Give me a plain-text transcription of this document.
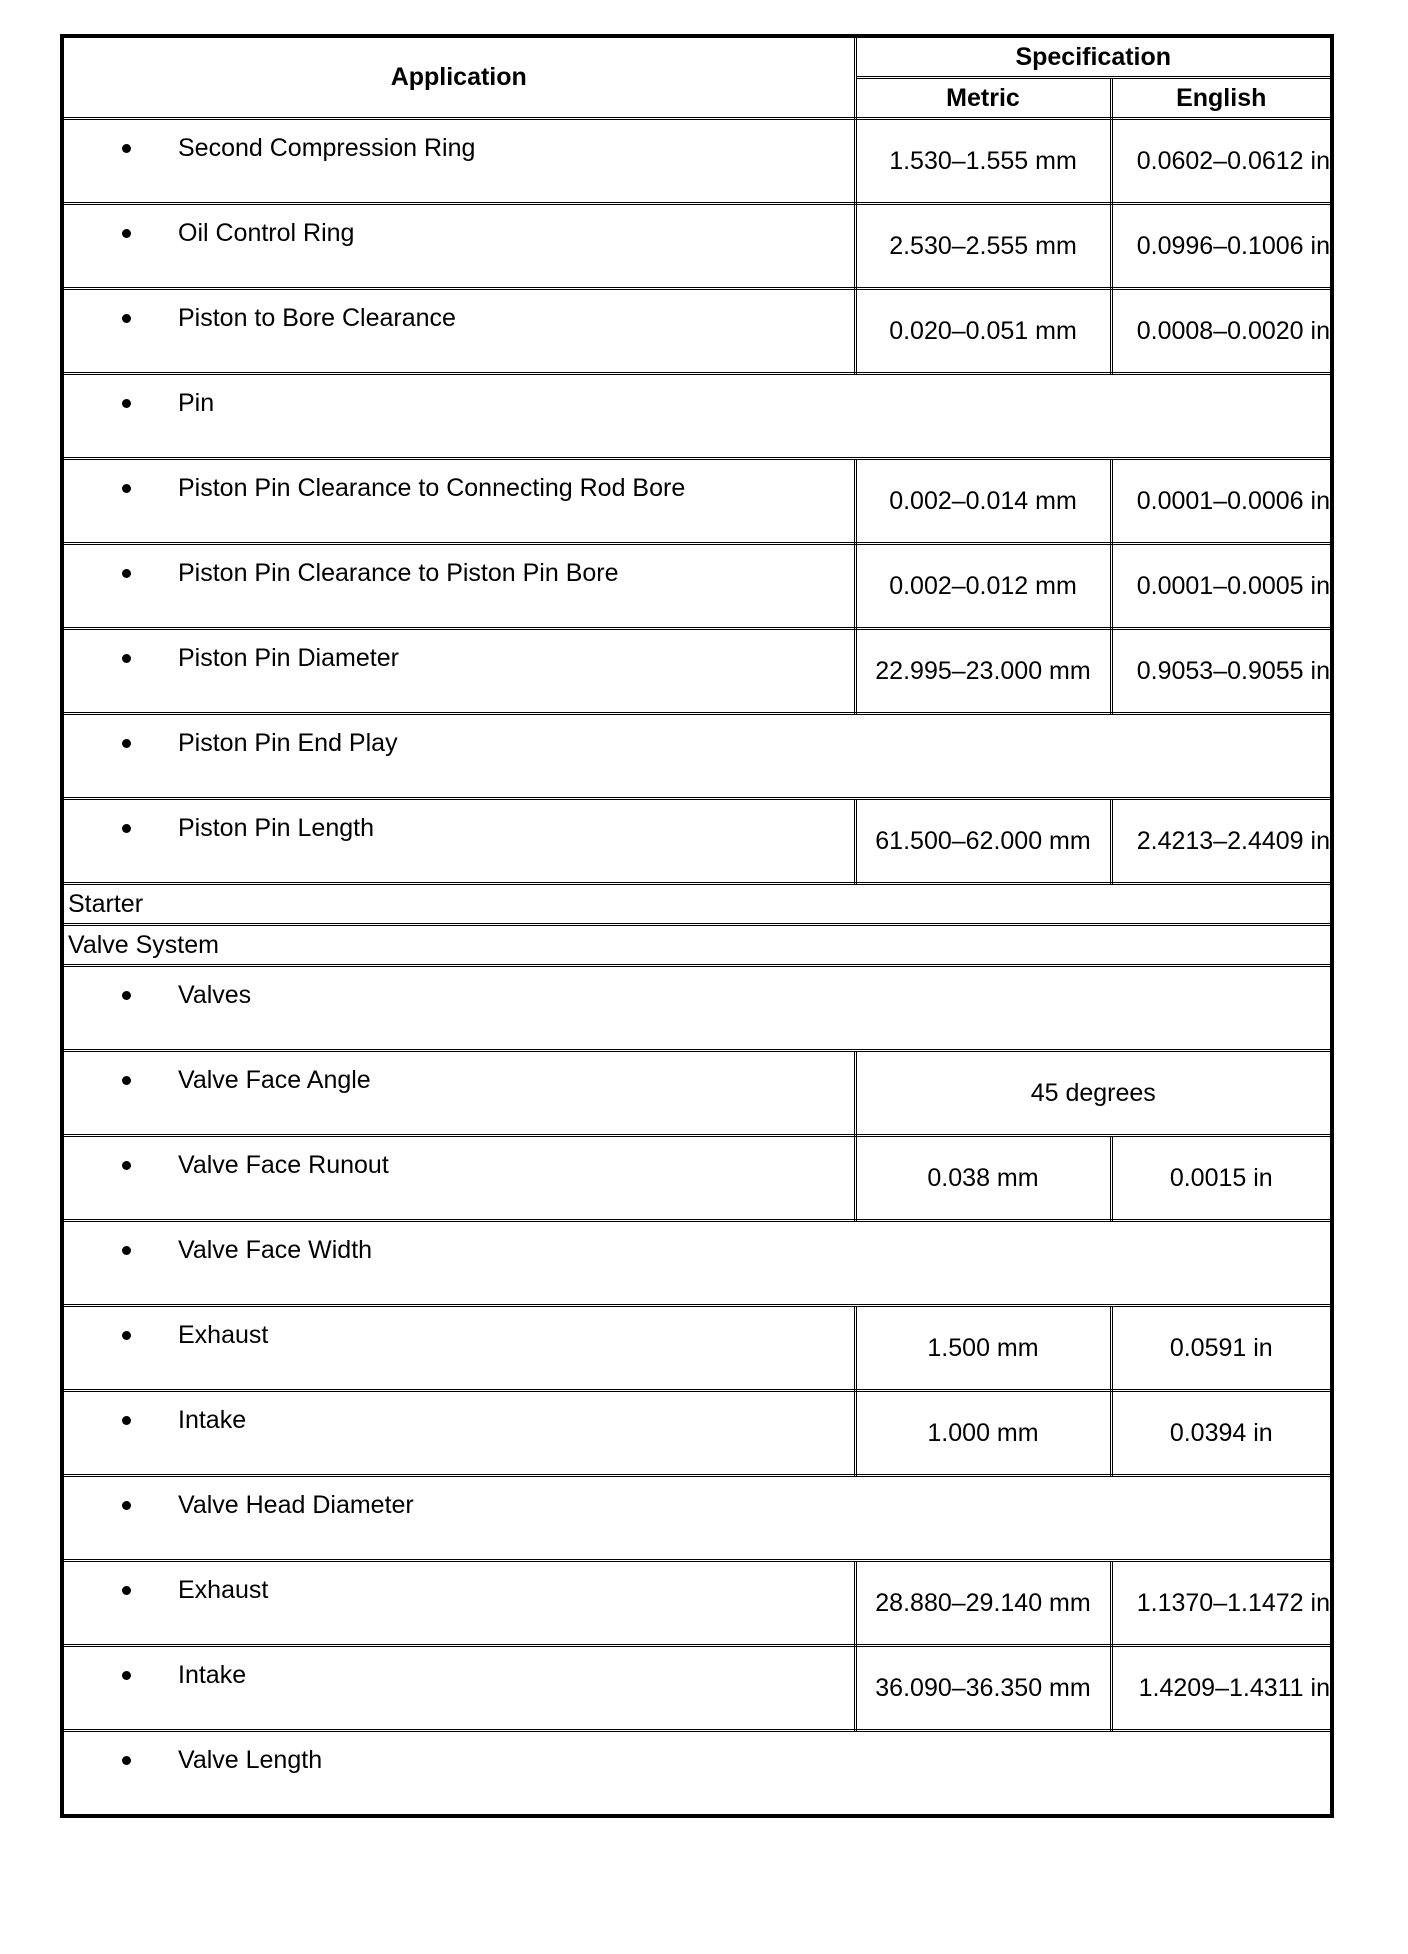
Application	Specification	
	Metric	English

Second Compression Ring	1.530–1.555 mm	0.0602–0.0612 in

Oil Control Ring	2.530–2.555 mm	0.0996–0.1006 in

Piston to Bore Clearance	0.020–0.051 mm	0.0008–0.0020 in

Pin		

Piston Pin Clearance to Connecting Rod Bore	0.002–0.014 mm	0.0001–0.0006 in

Piston Pin Clearance to Piston Pin Bore	0.002–0.012 mm	0.0001–0.0005 in

Piston Pin Diameter	22.995–23.000 mm	0.9053–0.9055 in

Piston Pin End Play		

Piston Pin Length	61.500–62.000 mm	2.4213–2.4409 in
Starter		
Valve System		

Valves		

Valve Face Angle	45 degrees	

Valve Face Runout	0.038 mm	0.0015 in

Valve Face Width		

Exhaust	1.500 mm	0.0591 in

Intake	1.000 mm	0.0394 in

Valve Head Diameter		

Exhaust	28.880–29.140 mm	1.1370–1.1472 in

Intake	36.090–36.350 mm	1.4209–1.4311 in

Valve Length		
